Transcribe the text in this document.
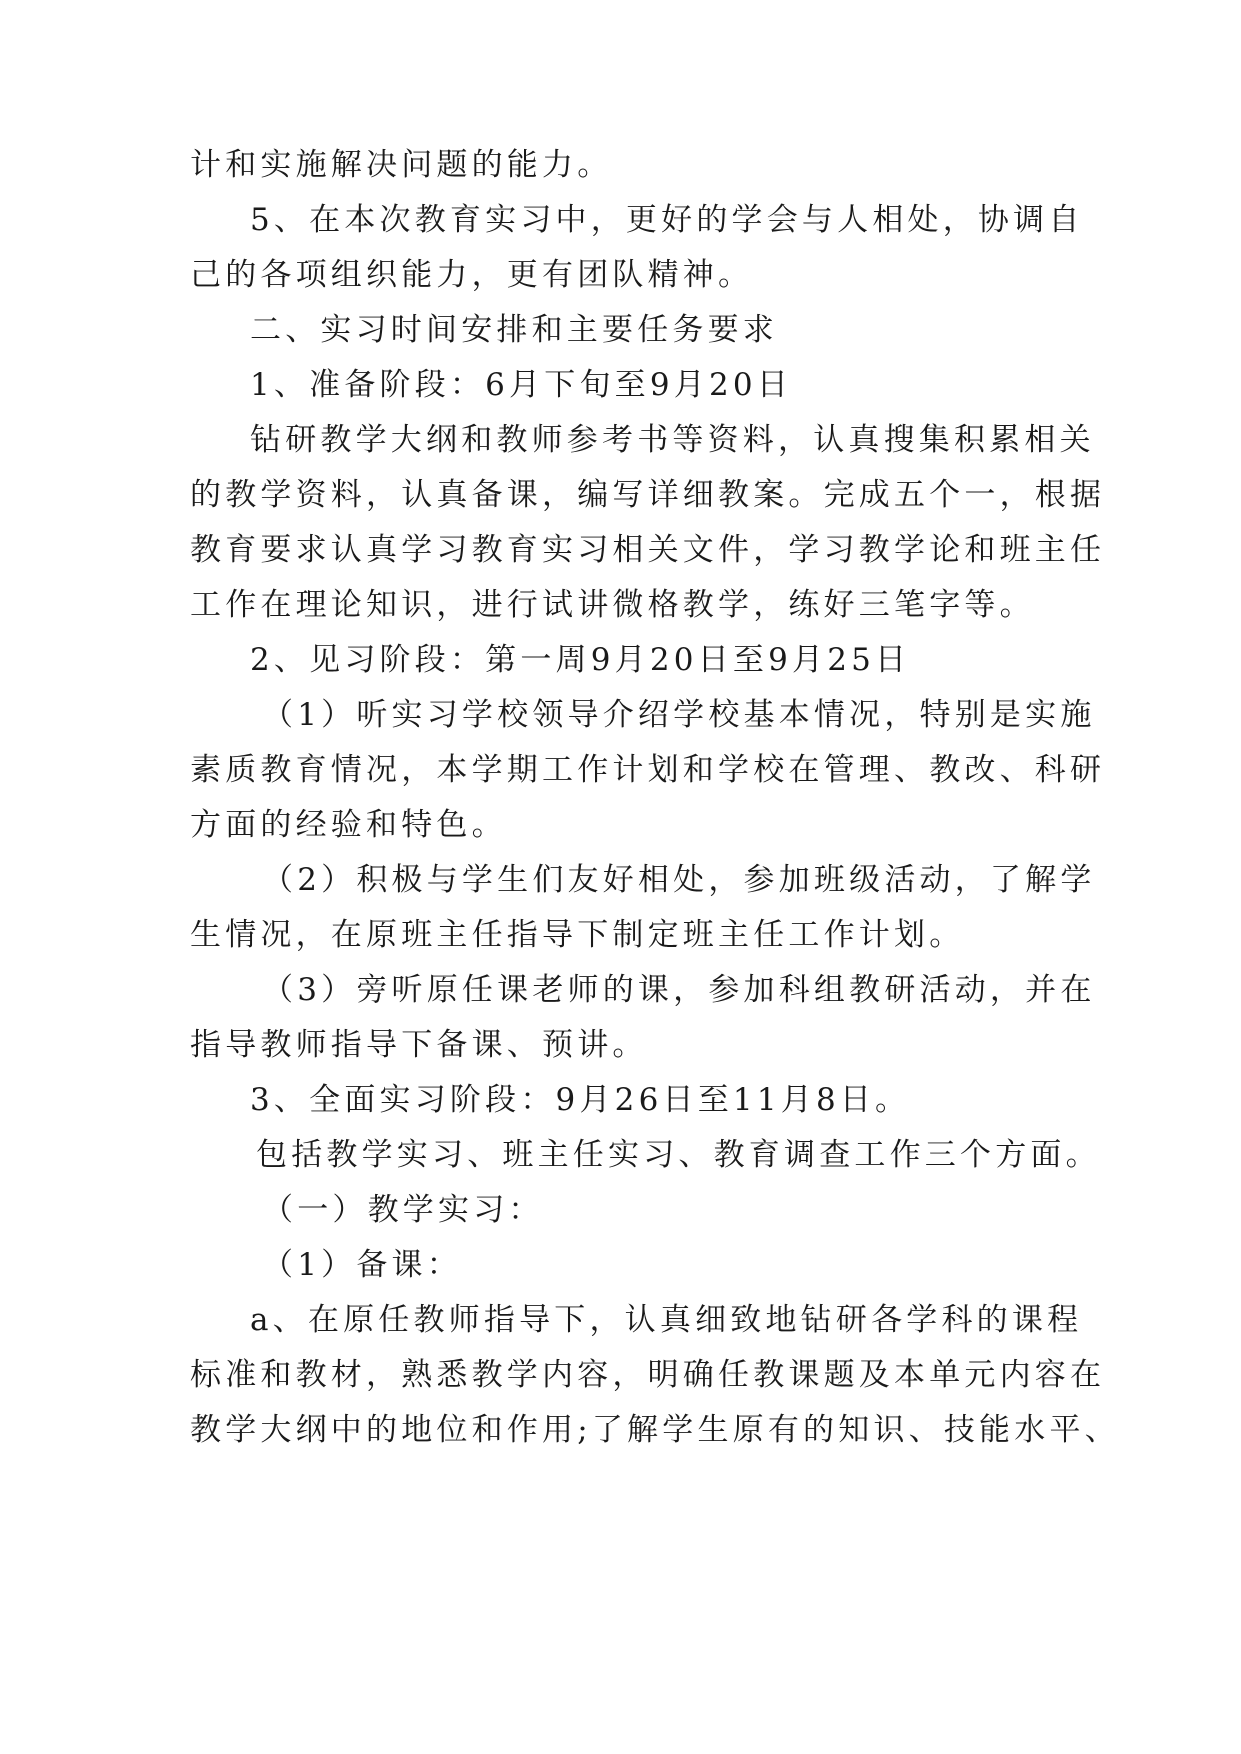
计和实施解决问题的能力。
5、在本次教育实习中，更好的学会与人相处，协调自
己的各项组织能力，更有团队精神。
二、实习时间安排和主要任务要求
1、准备阶段：6月下旬至9月20日
钻研教学大纲和教师参考书等资料，认真搜集积累相关
的教学资料，认真备课，编写详细教案。完成五个一，根据
教育要求认真学习教育实习相关文件，学习教学论和班主任
工作在理论知识，进行试讲微格教学，练好三笔字等。
2、见习阶段：第一周9月20日至9月25日
（1）听实习学校领导介绍学校基本情况，特别是实施
素质教育情况，本学期工作计划和学校在管理、教改、科研
方面的经验和特色。
（2）积极与学生们友好相处，参加班级活动，了解学
生情况，在原班主任指导下制定班主任工作计划。
（3）旁听原任课老师的课，参加科组教研活动，并在
指导教师指导下备课、预讲。
3、全面实习阶段：9月26日至11月8日。
包括教学实习、班主任实习、教育调查工作三个方面。
（一）教学实习：
（1）备课：
a、在原任教师指导下，认真细致地钻研各学科的课程
标准和教材，熟悉教学内容，明确任教课题及本单元内容在
教学大纲中的地位和作用;了解学生原有的知识、技能水平、
